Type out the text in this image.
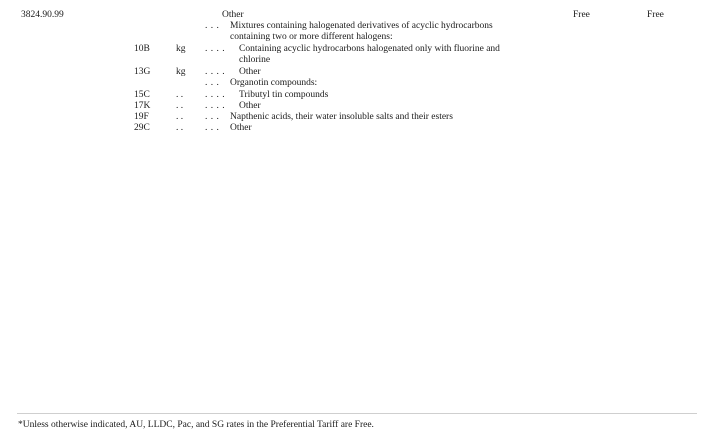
3824.90.99	Other	Free	Free
. . . Mixtures containing halogenated derivatives of acyclic hydrocarbons
containing two or more different halogens:
10B	kg . . . . Containing acyclic hydrocarbons halogenated only with fluorine and
chlorine
13G	kg . . . . Other
. . . Organotin compounds:
15C	. . . . . . Tributyl tin compounds
17K	. . . . . . Other
19F	. . . . . Napthenic acids, their water insoluble salts and their esters
29C	. . . . . Other
*Unless otherwise indicated, AU, LLDC, Pac, and SG rates in the Preferential Tariff are Free.
